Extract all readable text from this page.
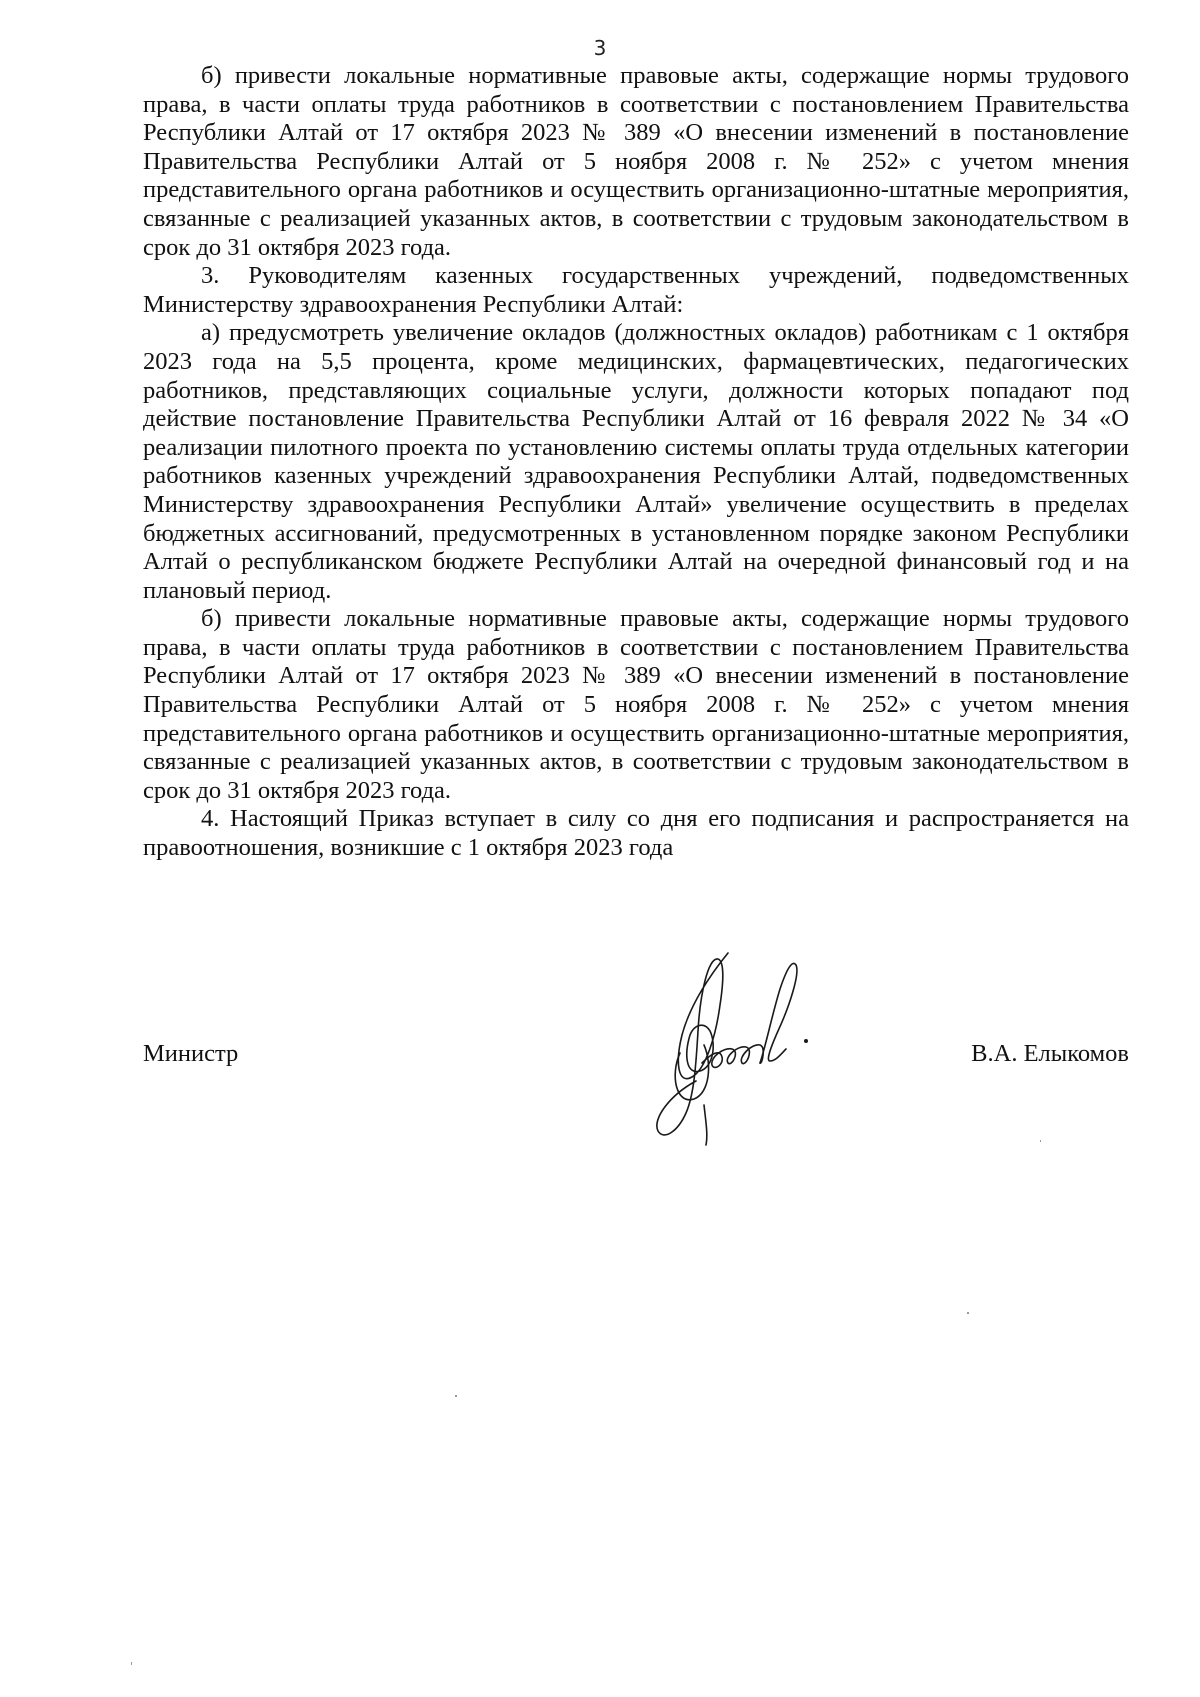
3

б) привести локальные нормативные правовые акты, содержащие нормы трудового права, в части оплаты труда работников в соответствии с постановлением Правительства Республики Алтай от 17 октября 2023 № 389 «О внесении изменений в постановление Правительства Республики Алтай от 5 ноября 2008 г. № 252» с учетом мнения представительного органа работников и осуществить организационно-штатные мероприятия, связанные с реализацией указанных актов, в соответствии с трудовым законодательством в срок до 31 октября 2023 года.

3. Руководителям казенных государственных учреждений, подведомственных Министерству здравоохранения Республики Алтай:

а) предусмотреть увеличение окладов (должностных окладов) работникам с 1 октября 2023 года на 5,5 процента, кроме медицинских, фармацевтических, педагогических работников, представляющих социальные услуги, должности которых попадают под действие постановление Правительства Республики Алтай от 16 февраля 2022 № 34 «О реализации пилотного проекта по установлению системы оплаты труда отдельных категории работников казенных учреждений здравоохранения Республики Алтай, подведомственных Министерству здравоохранения Республики Алтай» увеличение осуществить в пределах бюджетных ассигнований, предусмотренных в установленном порядке законом Республики Алтай о республиканском бюджете Республики Алтай на очередной финансовый год и на плановый период.

б) привести локальные нормативные правовые акты, содержащие нормы трудового права, в части оплаты труда работников в соответствии с постановлением Правительства Республики Алтай от 17 октября 2023 № 389 «О внесении изменений в постановление Правительства Республики Алтай от 5 ноября 2008 г. № 252» с учетом мнения представительного органа работников и осуществить организационно-штатные мероприятия, связанные с реализацией указанных актов, в соответствии с трудовым законодательством в срок до 31 октября 2023 года.

4. Настоящий Приказ вступает в силу со дня его подписания и распространяется на правоотношения, возникшие с 1 октября 2023 года

Министр	В.А. Елыкомов
